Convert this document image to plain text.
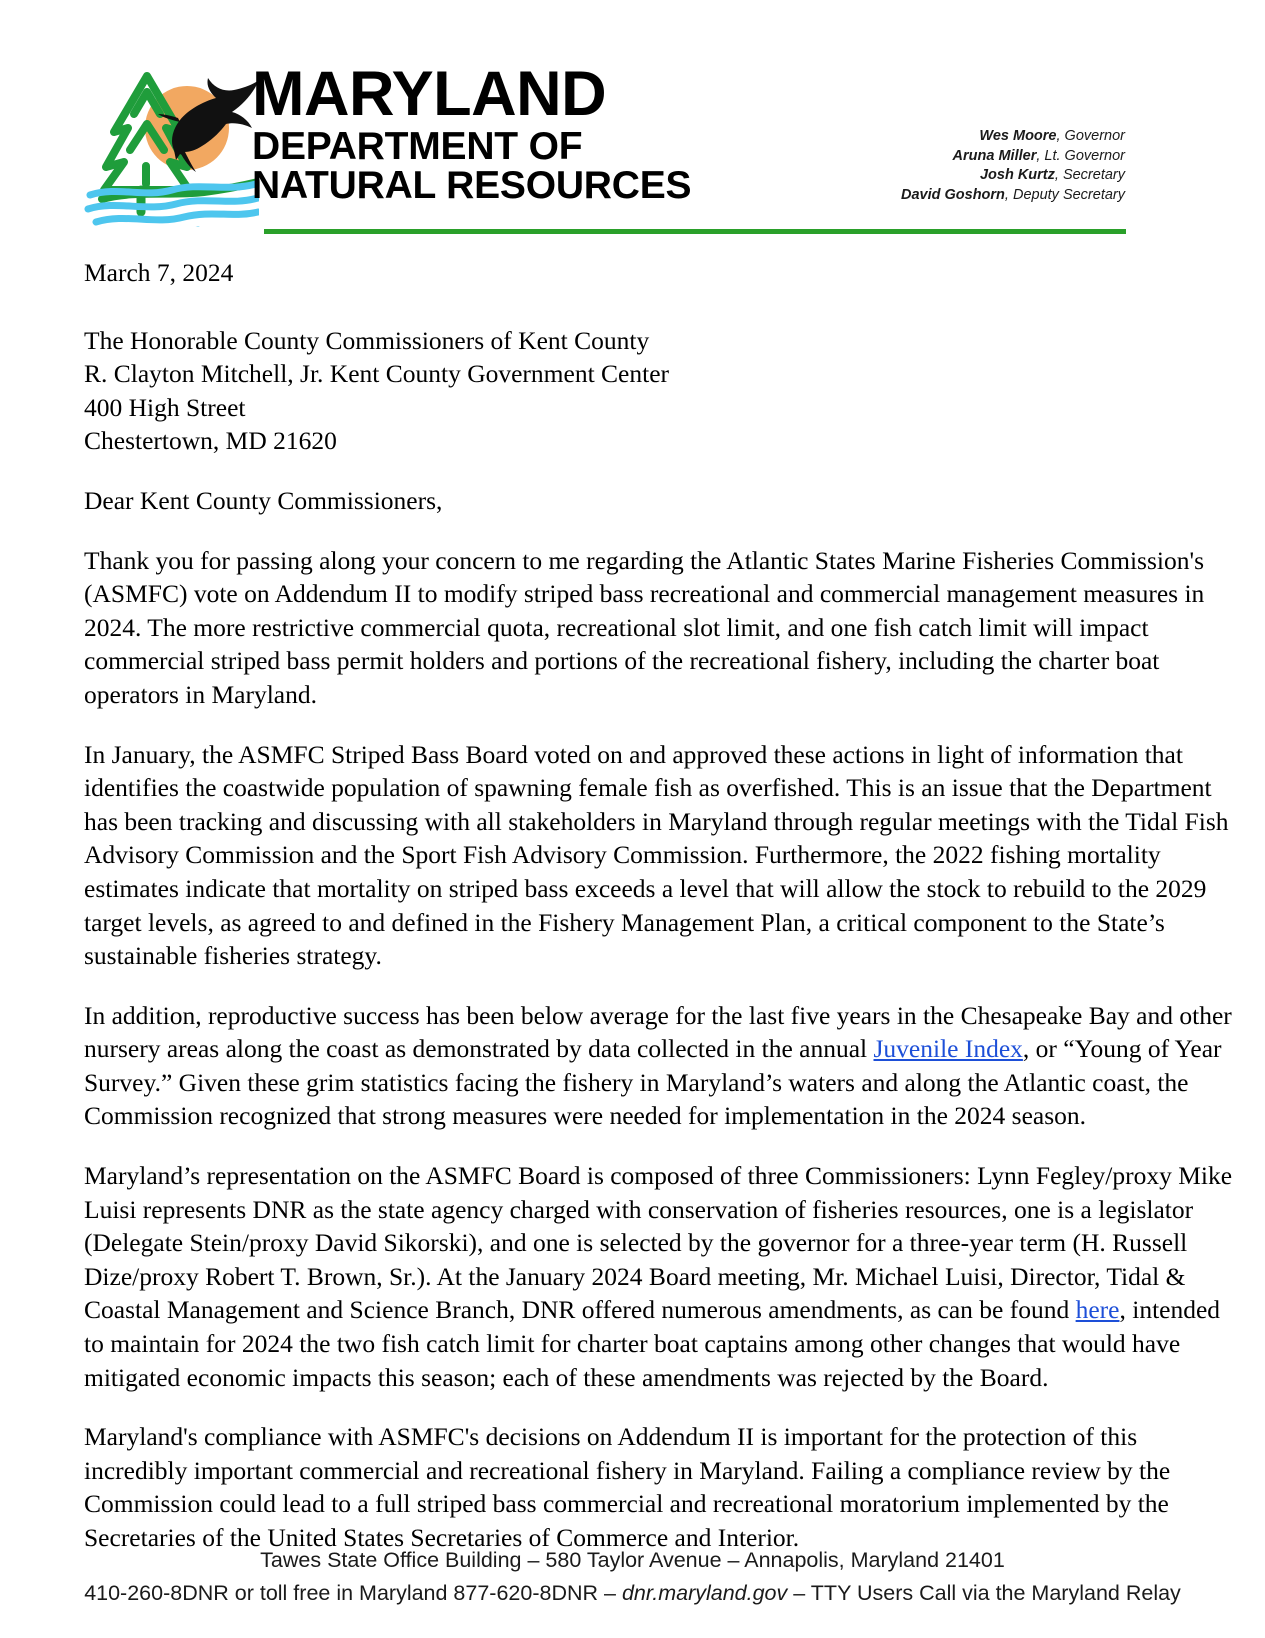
MARYLAND
DEPARTMENT OF
NATURAL RESOURCES
Wes Moore, Governor
Aruna Miller, Lt. Governor
Josh Kurtz, Secretary
David Goshorn, Deputy Secretary
March 7, 2024
The Honorable County Commissioners of Kent County
R. Clayton Mitchell, Jr. Kent County Government Center
400 High Street
Chestertown, MD 21620
Dear Kent County Commissioners,

Thank you for passing along your concern to me regarding the Atlantic States Marine Fisheries Commission's
(ASMFC) vote on Addendum II to modify striped bass recreational and commercial management measures in
2024. The more restrictive commercial quota, recreational slot limit, and one fish catch limit will impact
commercial striped bass permit holders and portions of the recreational fishery, including the charter boat
operators in Maryland.

In January, the ASMFC Striped Bass Board voted on and approved these actions in light of information that
identifies the coastwide population of spawning female fish as overfished. This is an issue that the Department
has been tracking and discussing with all stakeholders in Maryland through regular meetings with the Tidal Fish
Advisory Commission and the Sport Fish Advisory Commission. Furthermore, the 2022 fishing mortality
estimates indicate that mortality on striped bass exceeds a level that will allow the stock to rebuild to the 2029
target levels, as agreed to and defined in the Fishery Management Plan, a critical component to the State’s
sustainable fisheries strategy.

In addition, reproductive success has been below average for the last five years in the Chesapeake Bay and other
nursery areas along the coast as demonstrated by data collected in the annual Juvenile Index, or “Young of Year
Survey.” Given these grim statistics facing the fishery in Maryland’s waters and along the Atlantic coast, the
Commission recognized that strong measures were needed for implementation in the 2024 season.

Maryland’s representation on the ASMFC Board is composed of three Commissioners: Lynn Fegley/proxy Mike
Luisi represents DNR as the state agency charged with conservation of fisheries resources, one is a legislator
(Delegate Stein/proxy David Sikorski), and one is selected by the governor for a three-year term (H. Russell
Dize/proxy Robert T. Brown, Sr.). At the January 2024 Board meeting, Mr. Michael Luisi, Director, Tidal &
Coastal Management and Science Branch, DNR offered numerous amendments, as can be found here, intended
to maintain for 2024 the two fish catch limit for charter boat captains among other changes that would have
mitigated economic impacts this season; each of these amendments was rejected by the Board.

Maryland's compliance with ASMFC's decisions on Addendum II is important for the protection of this
incredibly important commercial and recreational fishery in Maryland. Failing a compliance review by the
Commission could lead to a full striped bass commercial and recreational moratorium implemented by the
Secretaries of the United States Secretaries of Commerce and Interior.

Tawes State Office Building – 580 Taylor Avenue – Annapolis, Maryland 21401
410-260-8DNR or toll free in Maryland 877-620-8DNR – dnr.maryland.gov – TTY Users Call via the Maryland Relay
